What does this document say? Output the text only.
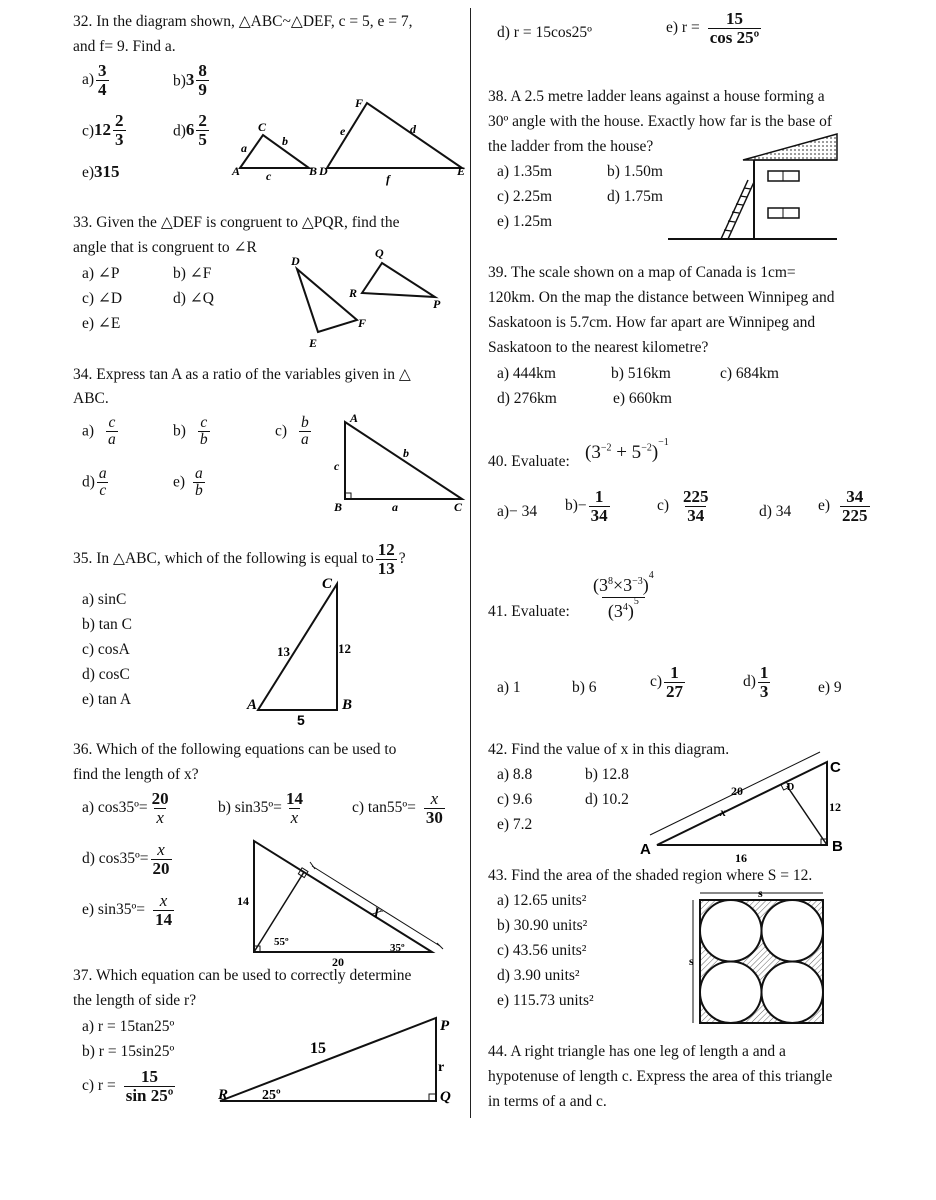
32. In the diagram shown, △ABC~△DEF, c = 5, e = 7,
and f= 9. Find a.
$a) \frac{3}{4}$	b) $3 \frac{8}{9}$
c) $12 \frac{2}{3}$	d) $6 \frac{2}{5}$
e)315	A
C
B
a	b
c	D
F
E
e	d
f
33. Given the △DEF is congruent to △PQR, find the
angle that is congruent to ∠R
a) ∠P	b) ∠F
c) ∠D	d) ∠Q
e) ∠E
D
E
F
Q
R
P
34. Express tan A as a ratio of the variables given in △
ABC.
$a) \frac{c}{a}$	$b) \frac{c}{b}$	$c) \frac{b}{a}$
$d) \frac{a}{c}$	$e) \frac{a}{b}$
A
B	C
c
b
a
35. In △ABC, which of the following is equal to $\frac{12}{13}$ ?
a) sinC
b) tan C
c) cosA
d) cosC
e) tan A
C
A	B
13	12
5
36. Which of the following equations can be used to
find the length of x?
a) cos35º= $\frac{20}{x}$	b) sin35º= $\frac{14}{x}$	c) tan55º= $\frac{x}{30}$
d) cos35º= $\frac{x}{20}$
e) sin35º= $\frac{x}{14}$	14
20
55º	35º
X
37. Which equation can be used to correctly determine
the length of side r?
a) r = 15tan25º
b) r = 15sin25º
c) $r = \frac{15}{\text{sin 25º}}$
P
Q
R
r
15
25º
d) r = 15cos25º	e) $r = \frac{15}{\text{cos 25º}}$
38. A 2.5 metre ladder leans against a house forming a
30º angle with the house. Exactly how far is the base of
the ladder from the house?
a) 1.35m	b) 1.50m
c) 2.25m	d) 1.75m
e) 1.25m
39. The scale shown on a map of Canada is 1cm=
120km. On the map the distance between Winnipeg and
Saskatoon is 5.7cm. How far apart are Winnipeg and
Saskatoon to the nearest kilometre?
a) 444km	b) 516km	c) 684km
d) 276km	e) 660km
40. Evaluate: $(3^{-2} + 5^{-2})^{-1}$
a)− 34 $b)- \frac{1}{34}$	$c) \frac{225}{34}$	d) 34 $e) \frac{34}{225}$
41. Evaluate: $\frac{(3^8\times 3^{-3})^4}{(3^4)^5}$
a) 1	b) 6	$c) \frac{1}{27}$	$d) \frac{1}{3}$	e) 9
42. Find the value of x in this diagram.
a) 8.8	b) 12.8
c) 9.6	d) 10.2
e) 7.2
A	B
C
D
20
12
16
x
43. Find the area of the shaded region where S = 12.
a) 12.65 units²
b) 30.90 units²
c) 43.56 units²
d) 3.90 units²
e) 115.73 units²
s
s
44. A right triangle has one leg of length a and a
hypotenuse of length c. Express the area of this triangle
in terms of a and c.
